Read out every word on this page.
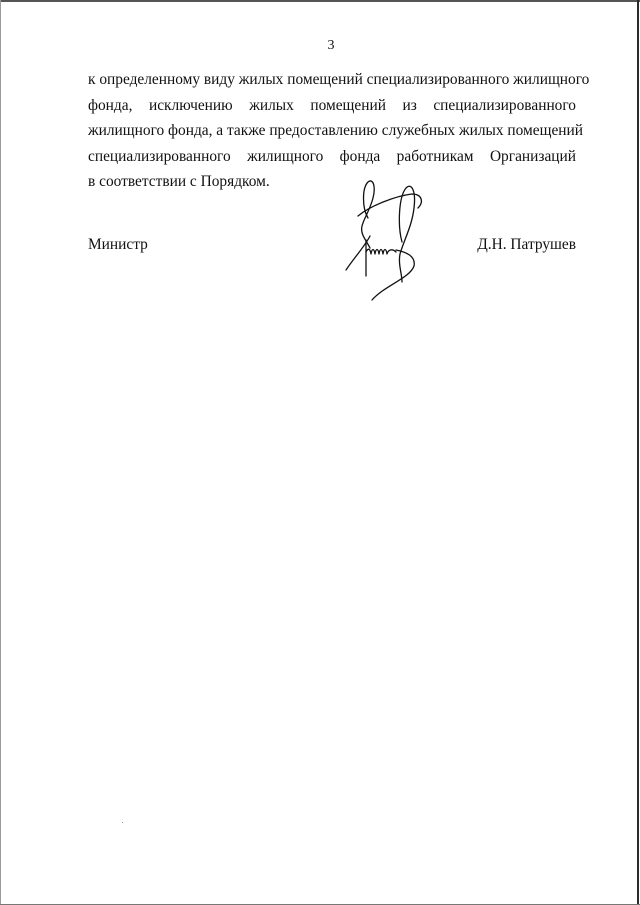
3
к определенному виду жилых помещений специализированного жилищного
фонда, исключению жилых помещений из специализированного
жилищного фонда, а также предоставлению служебных жилых помещений
специализированного жилищного фонда работникам Организаций
в соответствии с Порядком.
Министр	Д.Н. Патрушев
